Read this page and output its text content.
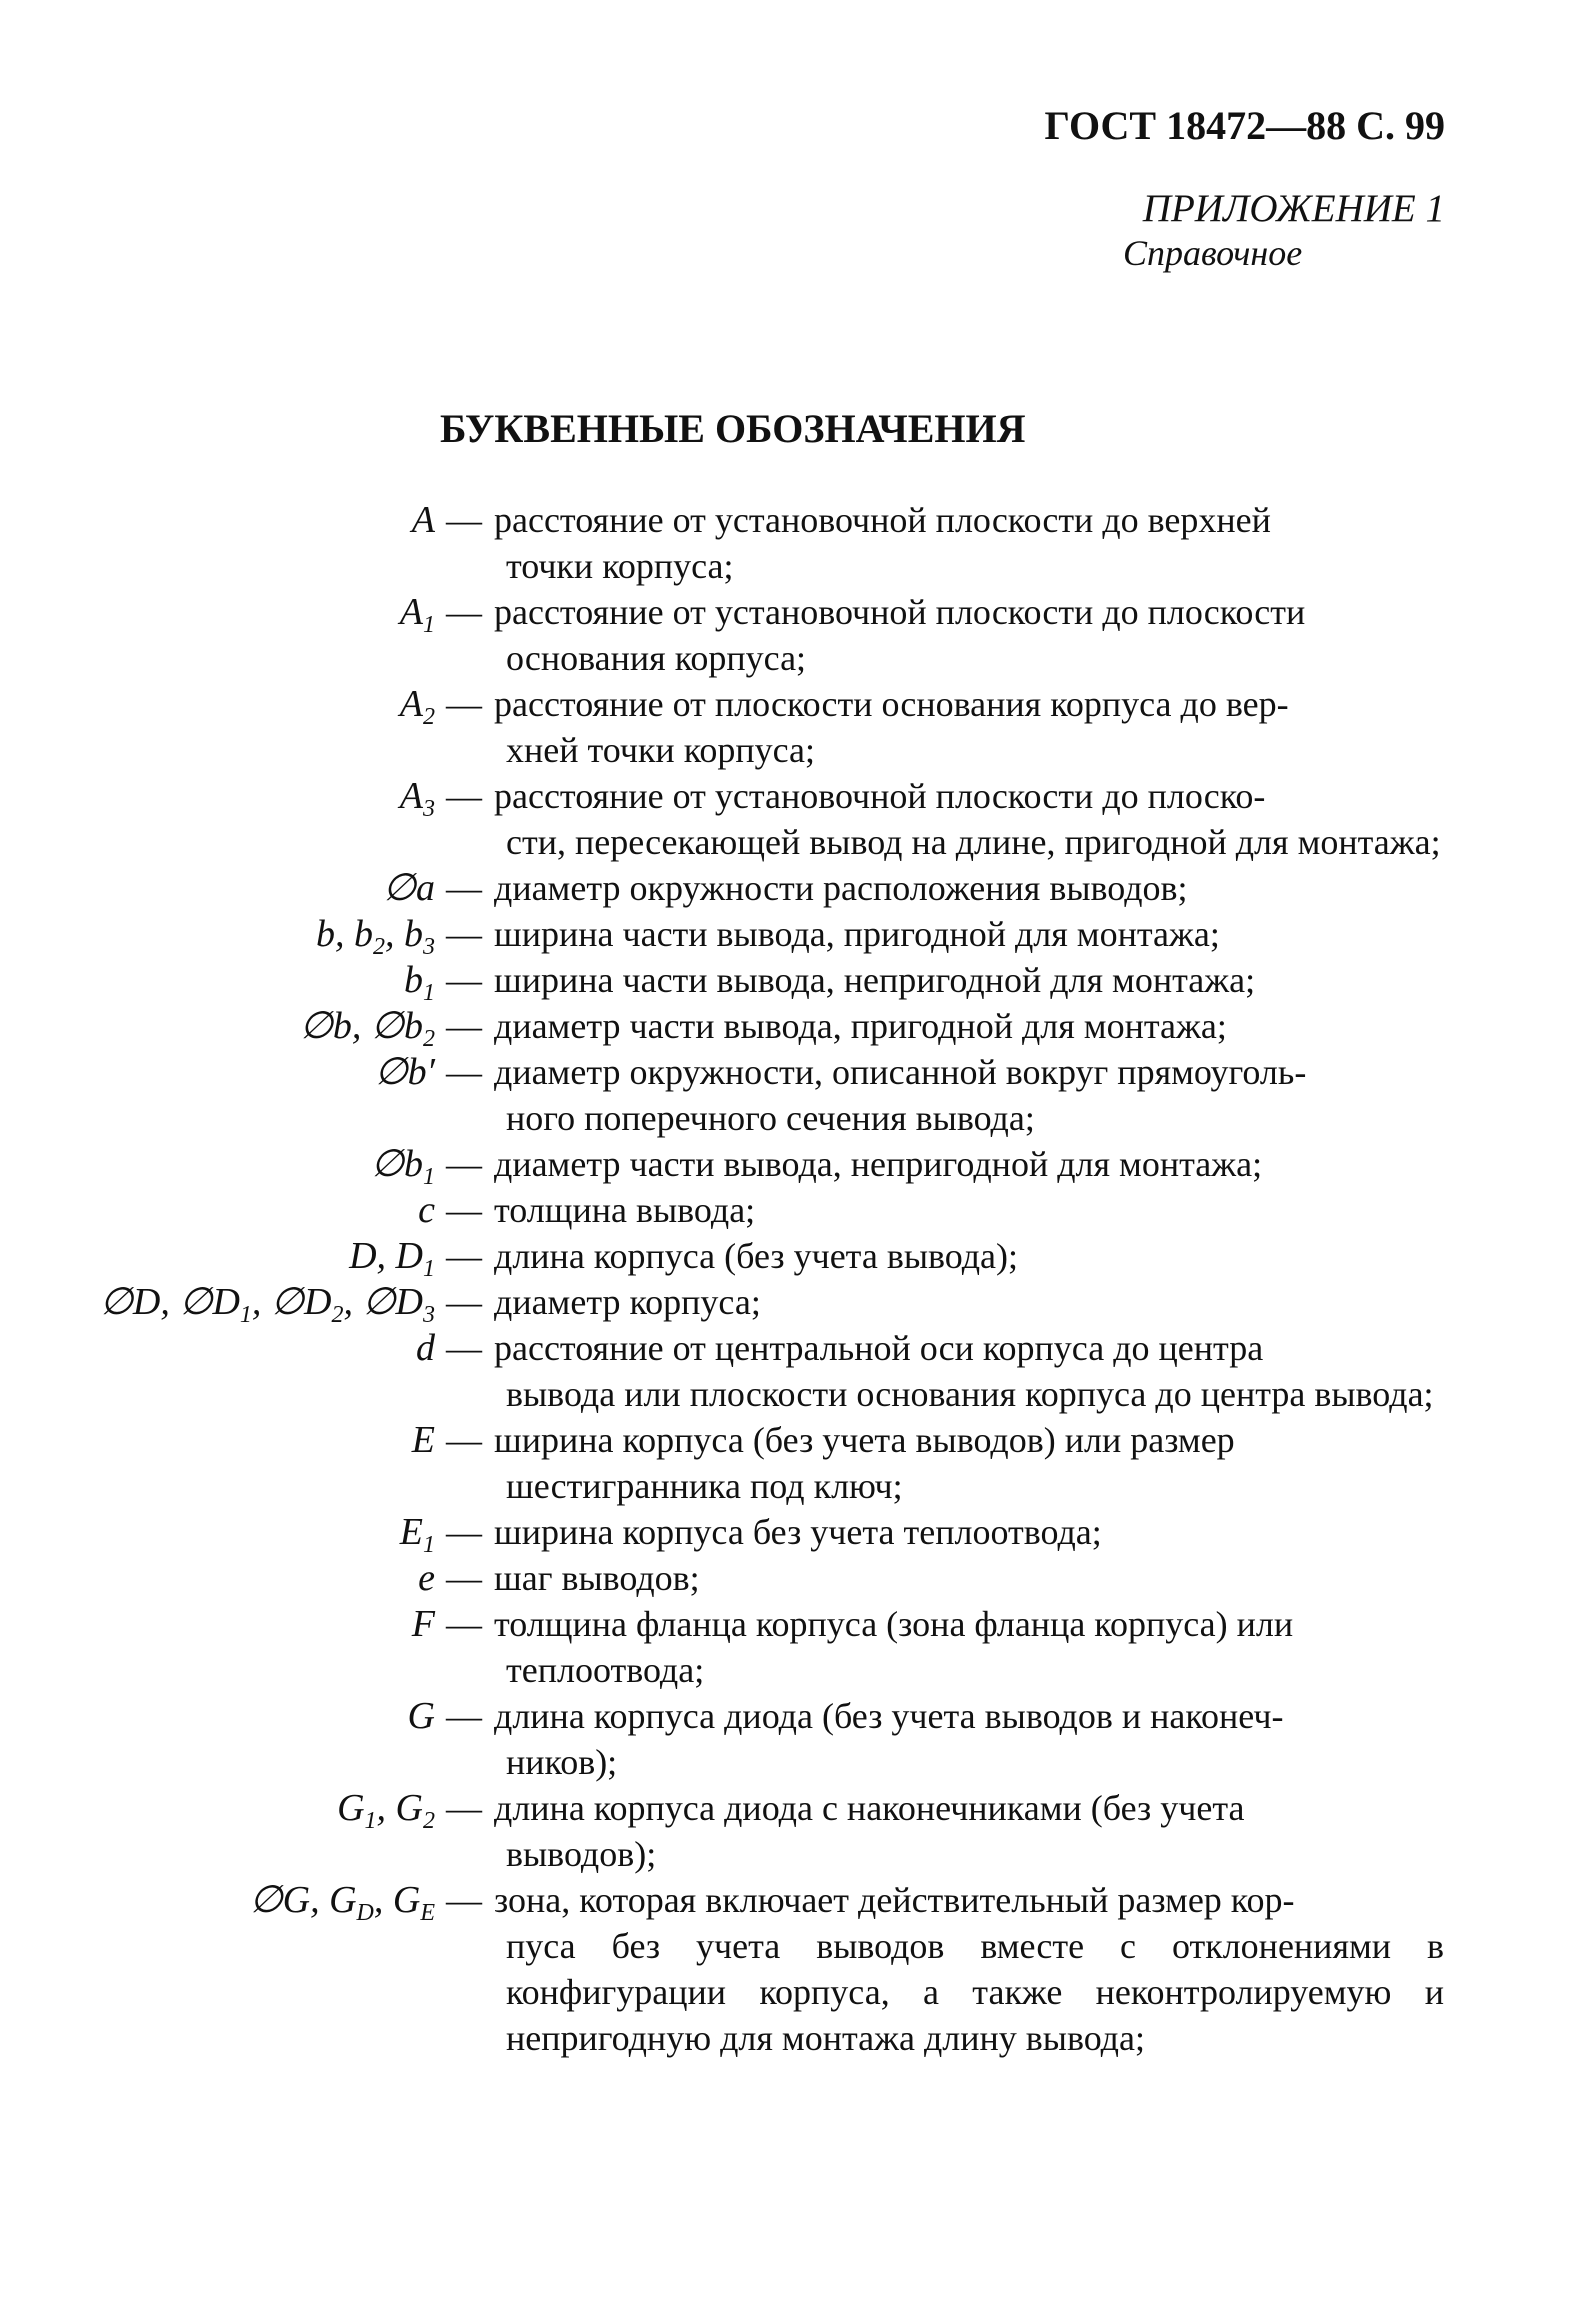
ГОСТ 18472—88 С. 99
ПРИЛОЖЕНИЕ 1
Справочное
БУКВЕННЫЕ ОБОЗНАЧЕНИЯ
A — расстояние от установочной плоскости до верхней
точки корпуса;
$A_1$ — расстояние от установочной плоскости до плоскости
основания корпуса;
$A_2$ — расстояние от плоскости основания корпуса до вер-
хней точки корпуса;
$A_3$ — расстояние от установочной плоскости до плоско-
сти, пересекающей вывод на длине, пригодной для монтажа;
∅a — диаметр окружности расположения выводов;
b, $b_2$, $b_3$ — ширина части вывода, пригодной для монтажа;
$b_1$ — ширина части вывода, непригодной для монтажа;
∅b, $\emptyset b_2$ — диаметр части вывода, пригодной для монтажа;
∅b′ — диаметр окружности, описанной вокруг прямоуголь-
ного поперечного сечения вывода;
$\emptyset b_1$ — диаметр части вывода, непригодной для монтажа;
c — толщина вывода;
D, $D_1$ — длина корпуса (без учета вывода);
∅D, $\emptyset D_1$, $\emptyset D_2$, $\emptyset D_3$ — диаметр корпуса;
d — расстояние от центральной оси корпуса до центра
вывода или плоскости основания корпуса до центра вывода;
E — ширина корпуса (без учета выводов) или размер
шестигранника под ключ;
$E_1$ — ширина корпуса без учета теплоотвода;
e — шаг выводов;
F — толщина фланца корпуса (зона фланца корпуса) или
теплоотвода;
G — длина корпуса диода (без учета выводов и наконеч-
ников);
$G_1$, $G_2$ — длина корпуса диода с наконечниками (без учета
выводов);
∅G, $G_D$, $G_E$ — зона, которая включает действительный размер кор-
пуса без учета выводов вместе с отклонениями в конфигурации корпуса, а также неконтролируемую и непригодную для монтажа длину вывода;
